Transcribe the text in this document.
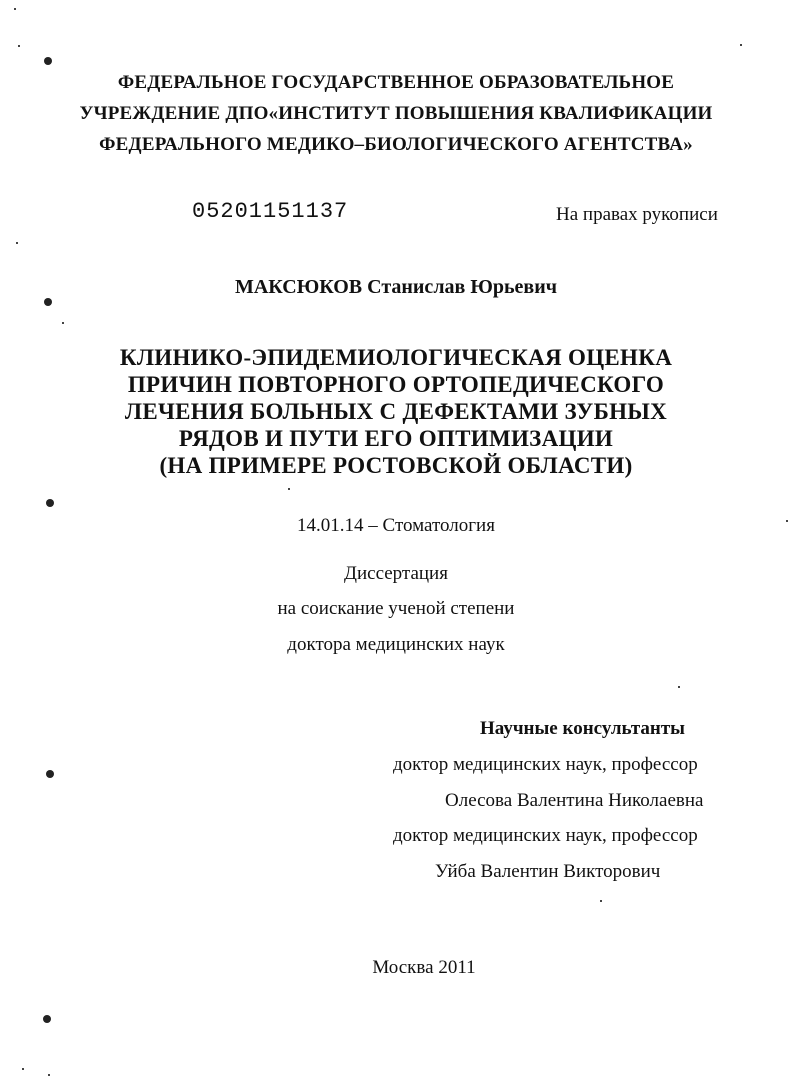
ФЕДЕРАЛЬНОЕ ГОСУДАРСТВЕННОЕ ОБРАЗОВАТЕЛЬНОЕ
УЧРЕЖДЕНИЕ ДПО«ИНСТИТУТ ПОВЫШЕНИЯ КВАЛИФИКАЦИИ
ФЕДЕРАЛЬНОГО МЕДИКО–БИОЛОГИЧЕСКОГО АГЕНТСТВА»
05201151137	На правах рукописи
МАКСЮКОВ Станислав Юрьевич
КЛИНИКО-ЭПИДЕМИОЛОГИЧЕСКАЯ ОЦЕНКА
ПРИЧИН ПОВТОРНОГО ОРТОПЕДИЧЕСКОГО
ЛЕЧЕНИЯ БОЛЬНЫХ С ДЕФЕКТАМИ ЗУБНЫХ
РЯДОВ И ПУТИ ЕГО ОПТИМИЗАЦИИ
(НА ПРИМЕРЕ РОСТОВСКОЙ ОБЛАСТИ)
14.01.14 – Стоматология
Диссертация
на соискание ученой степени
доктора медицинских наук
Научные консультанты
доктор медицинских наук, профессор
Олесова Валентина Николаевна
доктор медицинских наук, профессор
Уйба Валентин Викторович
Москва 2011
